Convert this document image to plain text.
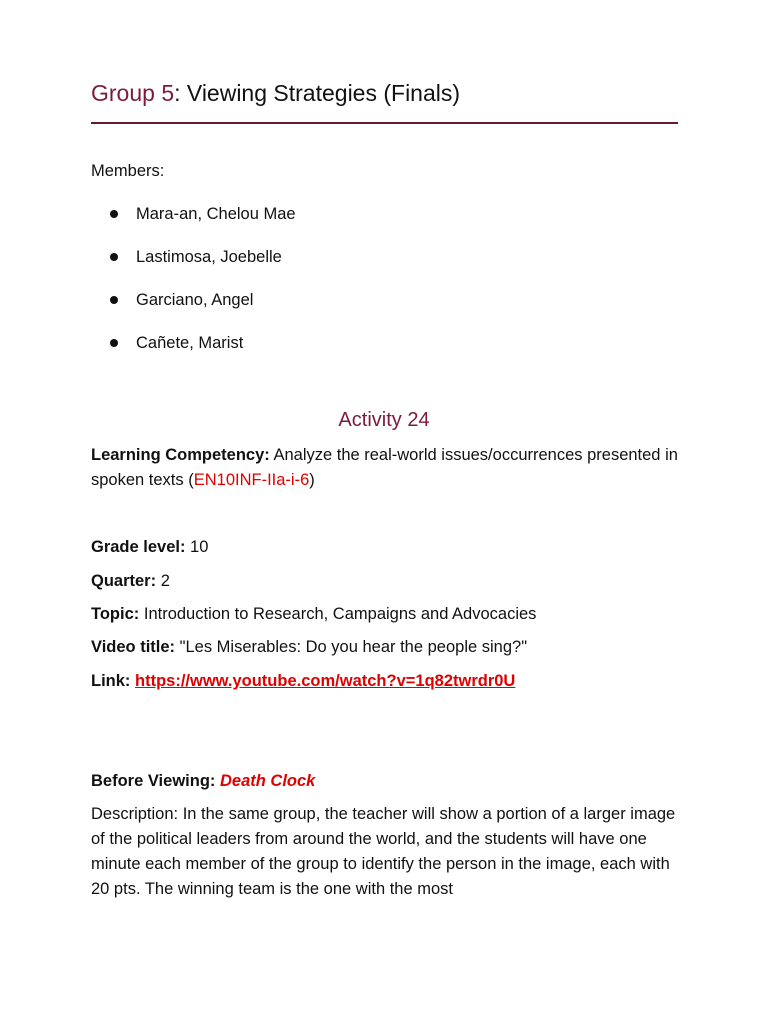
Group 5: Viewing Strategies (Finals)
Members:
Mara-an, Chelou Mae
Lastimosa, Joebelle
Garciano, Angel
Cañete, Marist
Activity 24
Learning Competency: Analyze the real-world issues/occurrences presented in spoken texts (EN10INF-IIa-i-6)
Grade level: 10
Quarter: 2
Topic: Introduction to Research, Campaigns and Advocacies
Video title: "Les Miserables: Do you hear the people sing?"
Link: https://www.youtube.com/watch?v=1q82twrdr0U
Before Viewing: Death Clock
Description: In the same group, the teacher will show a portion of a larger image of the political leaders from around the world, and the students will have one minute each member of the group to identify the person in the image, each with 20 pts. The winning team is the one with the most
